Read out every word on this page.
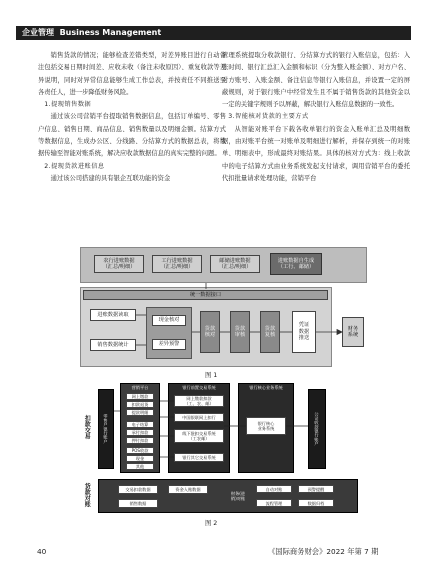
企业管理 Business Management

销售货款的情况；能够检查差错类型，对差异账目进行自动备注包括交易日期时间差、应收未收（备注未收原因）、重复收款等差异说明，同时对异常信息能够生成工作总表，并按责任不同推送至各责任人，进一步降低财务风险。

1.提现销售数据

通过该公司营销平台提取销售数据信息，包括订单编号、零售户信息、销售日期、商品信息、销售数量以及明细金额。结算方式等数据信息，生成办公区、分线路、分结算方式的数据总表，将数据传输至智能对账系统，解决应收款数据信息的真实完整的问题。

2.提现货款进账信息

通过该公司搭建的具有银企互联功能的资金

管理系统提取分收款银行、分结算方式的银行入账信息，包括：入账时间、银行汇总汇入金额和标识（分为整入账金额）、对方户名、对方账号、入账金额、备注信息等银行入账信息，并设置一定的屏蔽规则，对于银行账户中经常发生且不属于销售货款的其他资金以一定的关键字规则予以屏蔽，解决银行入账信息数据的一致性。

3.智能核对货款的主要方式

从智能对账平台下载各收单银行的资金入账单汇总及明细数据，由对账平台统一对账单及明细进行解析，并保存到统一的对账单、明细表中，形成最终对账结果。具体的核对方式为：线上收款中的电子结算方式由业务系统发起支付请求，调用营销平台的委托代扣批量请求处理功能，营销平台

农行进账数据
（汇总/明细）
工行进账数据
（汇总/明细）
邮储进账数据
（汇总/明细）
进账数据自生成
（工行、邮储）
统一数据接口
进账数据读取
销售数据统计
现金核对
差异预警
货款
核对
货款
审核
货款
复核
凭证
数据
推送
财务
系统
图 1
扣款交易
货款对账
零售户银行账户
营销平台
网上缴款
扣款退货
提款明细
电子结算
承付扣款
押付扣款
POS收款
现金
其他
银行前置交易系统
网上缴款扣款
（工、农、邮）
中国银联网上扣行
线下批扣交易系统
（工农邮）
银行其它交易系统
银行核心业务系统
银行核心
业务系统	公司收款银行账户
交易扣款数据
销售数据
资金入账数据
财务(进
销)对账
自动对账	预警提醒
流程管理	数据归档
图 2
40	《国际商务财会》2022 年第 7 期
